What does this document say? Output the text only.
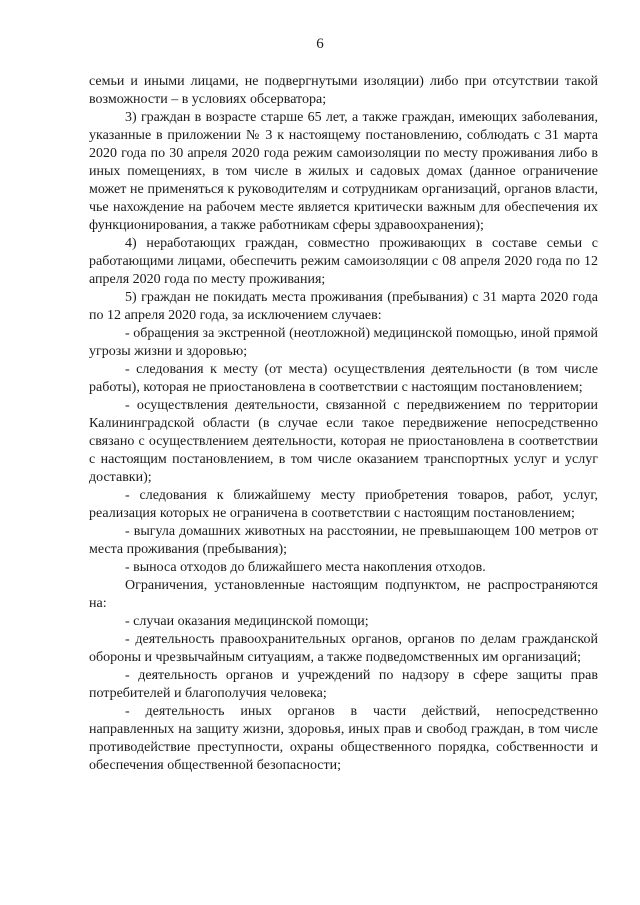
6

семьи и иными лицами, не подвергнутыми изоляции) либо при отсутствии такой возможности – в условиях обсерватора;

3) граждан в возрасте старше 65 лет, а также граждан, имеющих заболевания, указанные в приложении № 3 к настоящему постановлению, соблюдать с 31 марта 2020 года по 30 апреля 2020 года режим самоизоляции по месту проживания либо в иных помещениях, в том числе в жилых и садовых домах (данное ограничение может не применяться к руководителям и сотрудникам организаций, органов власти, чье нахождение на рабочем месте является критически важным для обеспечения их функционирования, а также работникам сферы здравоохранения);

4) неработающих граждан, совместно проживающих в составе семьи с работающими лицами, обеспечить режим самоизоляции с 08 апреля 2020 года по 12 апреля 2020 года по месту проживания;

5) граждан не покидать места проживания (пребывания) с 31 марта 2020 года по 12 апреля 2020 года, за исключением случаев:

- обращения за экстренной (неотложной) медицинской помощью, иной прямой угрозы жизни и здоровью;

- следования к месту (от места) осуществления деятельности (в том числе работы), которая не приостановлена в соответствии с настоящим постановлением;

- осуществления деятельности, связанной с передвижением по территории Калининградской области (в случае если такое передвижение непосредственно связано с осуществлением деятельности, которая не приостановлена в соответствии с настоящим постановлением, в том числе оказанием транспортных услуг и услуг доставки);

- следования к ближайшему месту приобретения товаров, работ, услуг, реализация которых не ограничена в соответствии с настоящим постановлением;

- выгула домашних животных на расстоянии, не превышающем 100 метров от места проживания (пребывания);

- выноса отходов до ближайшего места накопления отходов.

Ограничения, установленные настоящим подпунктом, не распространяются на:

- случаи оказания медицинской помощи;

- деятельность правоохранительных органов, органов по делам гражданской обороны и чрезвычайным ситуациям, а также подведомственных им организаций;

- деятельность органов и учреждений по надзору в сфере защиты прав потребителей и благополучия человека;

- деятельность иных органов в части действий, непосредственно направленных на защиту жизни, здоровья, иных прав и свобод граждан, в том числе противодействие преступности, охраны общественного порядка, собственности и обеспечения общественной безопасности;
